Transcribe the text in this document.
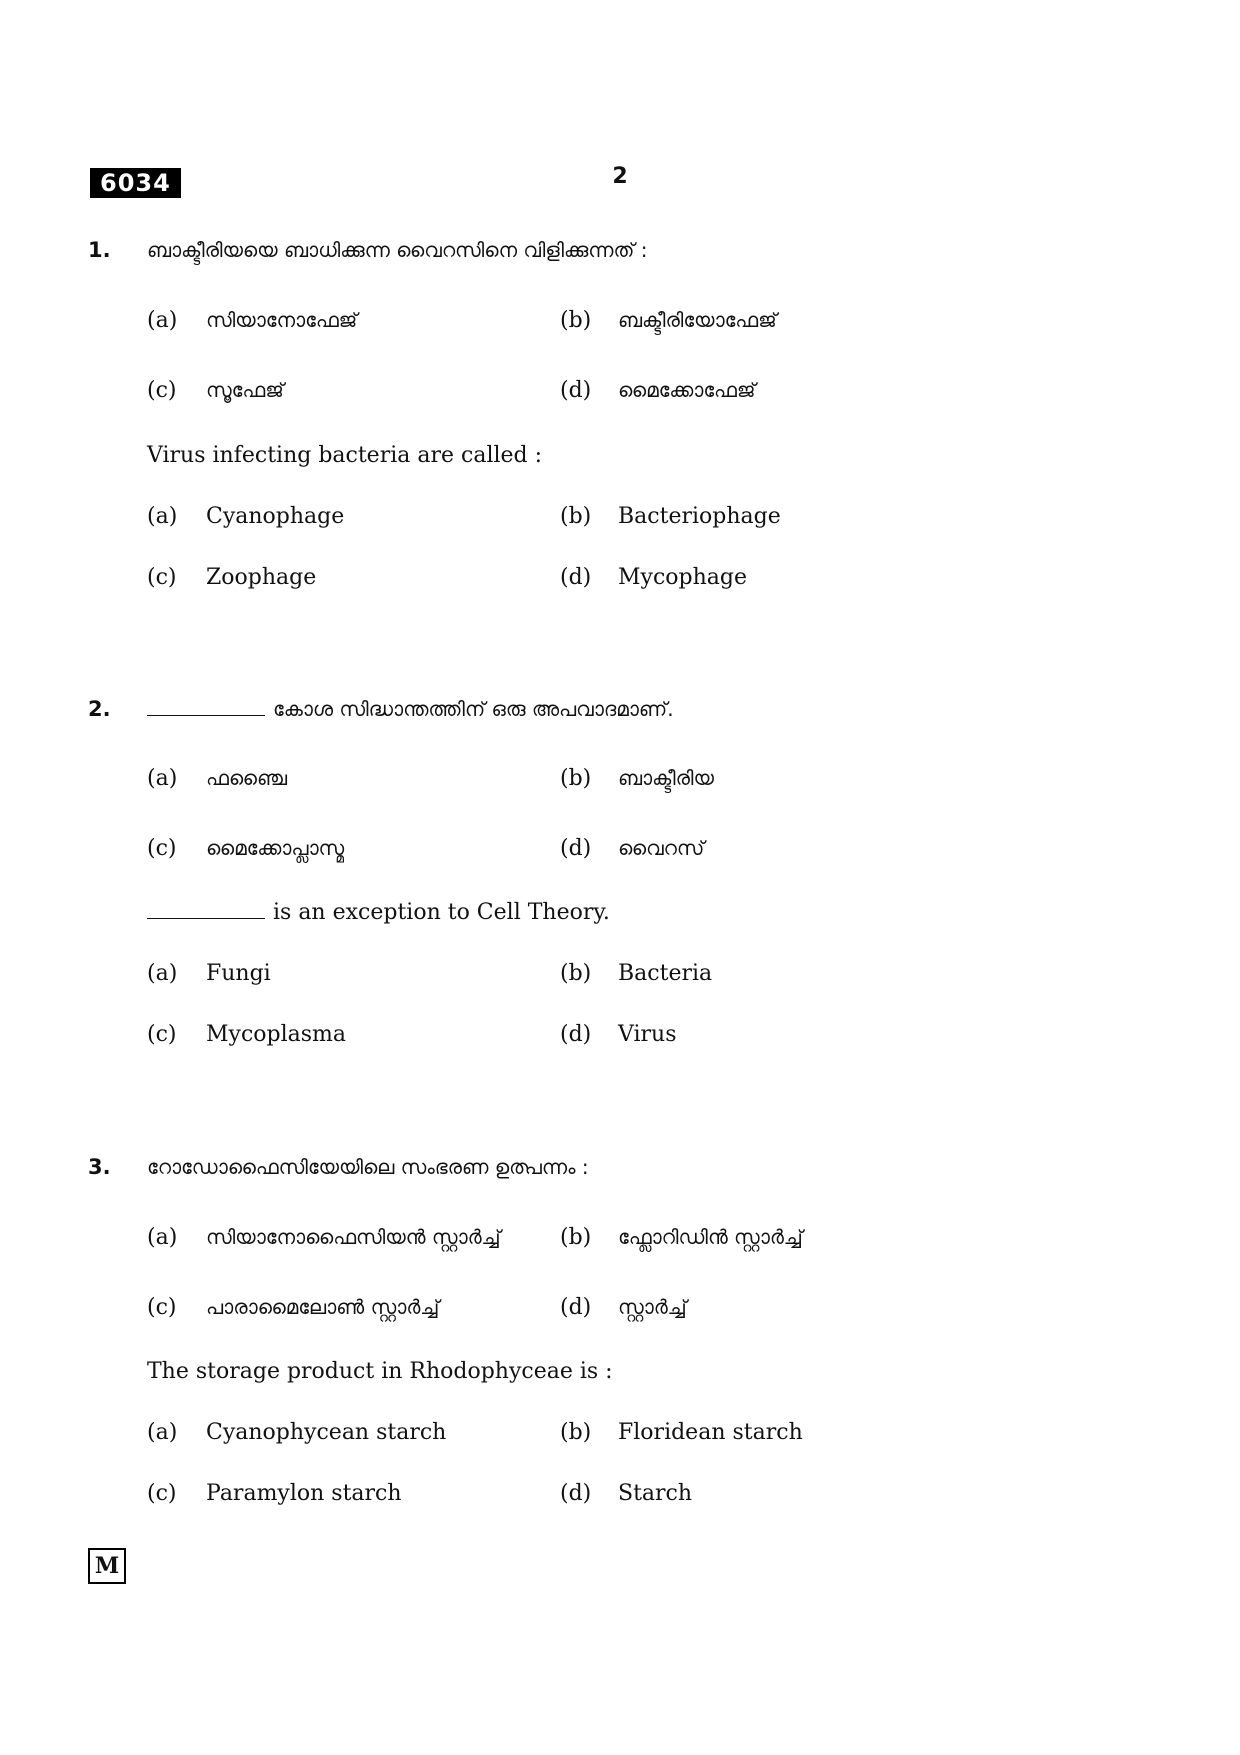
6034	2
1. ബാക്ടീരിയയെ ബാധിക്കുന്ന വൈറസിനെ വിളിക്കുന്നത് :
(a) സിയാനോഫേജ്	(b) ബക്ടീരിയോഫേജ്
(c) സൂഫേജ്	(d) മൈക്കോഫേജ്
Virus infecting bacteria are called :
(a) Cyanophage	(b) Bacteriophage
(c) Zoophage	(d) Mycophage
2.	കോശ സിദ്ധാന്തത്തിന് ഒരു അപവാദമാണ്.
(a) ഫഞ്ചൈ	(b) ബാക്ടീരിയ
(c) മൈക്കോപ്ലാസ്മ	(d) വൈറസ്
is an exception to Cell Theory.
(a) Fungi	(b) Bacteria
(c) Mycoplasma	(d) Virus
3. റോഡോഫൈസിയേയിലെ സംഭരണ ഉത്പന്നം :
(a) സിയാനോഫൈസിയൻ സ്റ്റാർച്ച്	(b) ഫ്ലോറിഡിൻ സ്റ്റാർച്ച്
(c) പാരാമൈലോൺ സ്റ്റാർച്ച്	(d) സ്റ്റാർച്ച്
The storage product in Rhodophyceae is :
(a) Cyanophycean starch	(b) Floridean starch
(c) Paramylon starch	(d) Starch
M
